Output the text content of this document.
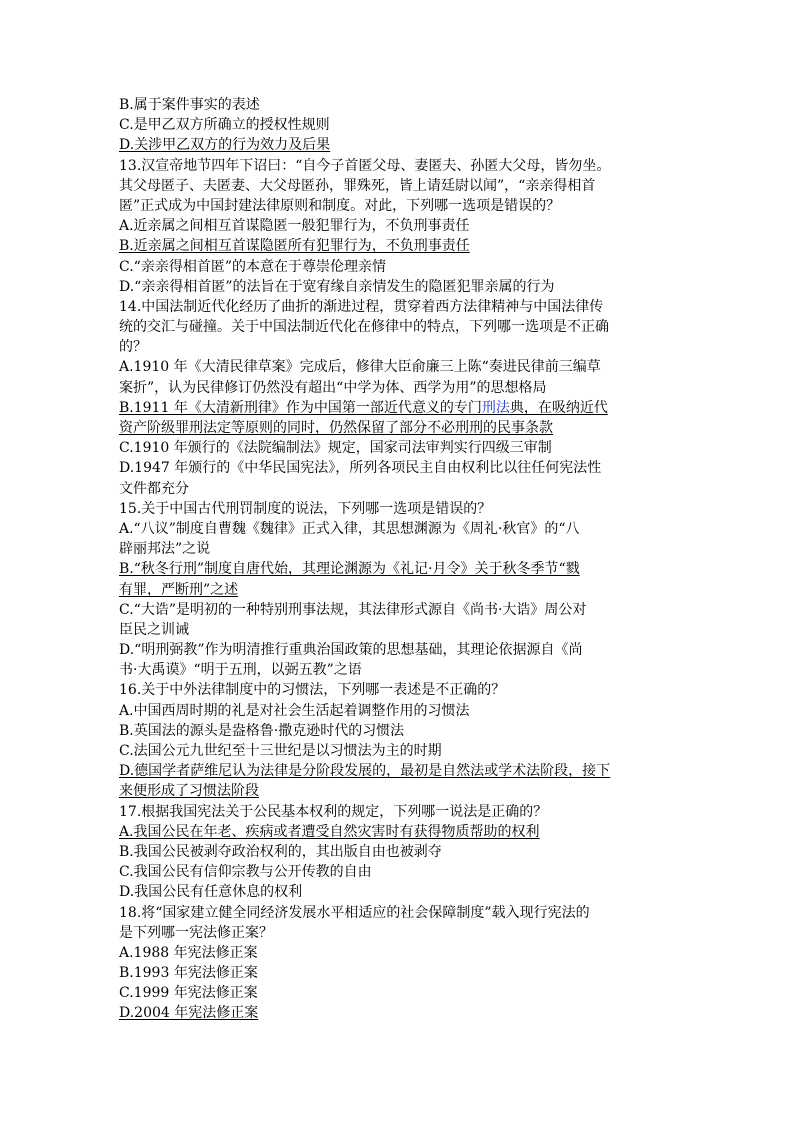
B.属于案件事实的表述
C.是甲乙双方所确立的授权性规则
D.关涉甲乙双方的行为效力及后果
13.汉宣帝地节四年下诏曰：“自今子首匿父母、妻匿夫、孙匿大父母，皆勿坐。
其父母匿子、夫匿妻、大父母匿孙，罪殊死，皆上请廷尉以闻”，“亲亲得相首
匿”正式成为中国封建法律原则和制度。对此，下列哪一选项是错误的？
A.近亲属之间相互首谋隐匿一般犯罪行为，不负刑事责任
B.近亲属之间相互首谋隐匿所有犯罪行为，不负刑事责任
C.“亲亲得相首匿”的本意在于尊崇伦理亲情
D.“亲亲得相首匿”的法旨在于宽宥缘自亲情发生的隐匿犯罪亲属的行为
14.中国法制近代化经历了曲折的渐进过程，贯穿着西方法律精神与中国法律传
统的交汇与碰撞。关于中国法制近代化在修律中的特点，下列哪一选项是不正确
的？
A.1910 年《大清民律草案》完成后，修律大臣俞廉三上陈“奏进民律前三编草
案折”，认为民律修订仍然没有超出“中学为体、西学为用”的思想格局
B.1911 年《大清新刑律》作为中国第一部近代意义的专门刑法典，在吸纳近代
资产阶级罪刑法定等原则的同时，仍然保留了部分不必刑刑的民事条款
C.1910 年颁行的《法院编制法》规定，国家司法审判实行四级三审制
D.1947 年颁行的《中华民国宪法》，所列各项民主自由权利比以往任何宪法性
文件都充分
15.关于中国古代刑罚制度的说法，下列哪一选项是错误的？
A.“八议”制度自曹魏《魏律》正式入律，其思想渊源为《周礼·秋官》的“八
辟丽邦法”之说
B.“秋冬行刑”制度自唐代始，其理论渊源为《礼记·月令》关于秋冬季节“戮
有罪，严断刑”之述
C.“大诰”是明初的一种特别刑事法规，其法律形式源自《尚书·大诰》周公对
臣民之训诫
D.“明刑弼教”作为明清推行重典治国政策的思想基础，其理论依据源自《尚
书·大禹谟》“明于五刑，以弼五教”之语
16.关于中外法律制度中的习惯法，下列哪一表述是不正确的？
A.中国西周时期的礼是对社会生活起着调整作用的习惯法
B.英国法的源头是盎格鲁·撒克逊时代的习惯法
C.法国公元九世纪至十三世纪是以习惯法为主的时期
D.德国学者萨维尼认为法律是分阶段发展的，最初是自然法或学术法阶段，接下
来便形成了习惯法阶段
17.根据我国宪法关于公民基本权利的规定，下列哪一说法是正确的？
A.我国公民在年老、疾病或者遭受自然灾害时有获得物质帮助的权利
B.我国公民被剥夺政治权利的，其出版自由也被剥夺
C.我国公民有信仰宗教与公开传教的自由
D.我国公民有任意休息的权利
18.将“国家建立健全同经济发展水平相适应的社会保障制度”载入现行宪法的
是下列哪一宪法修正案？
A.1988 年宪法修正案
B.1993 年宪法修正案
C.1999 年宪法修正案
D.2004 年宪法修正案
